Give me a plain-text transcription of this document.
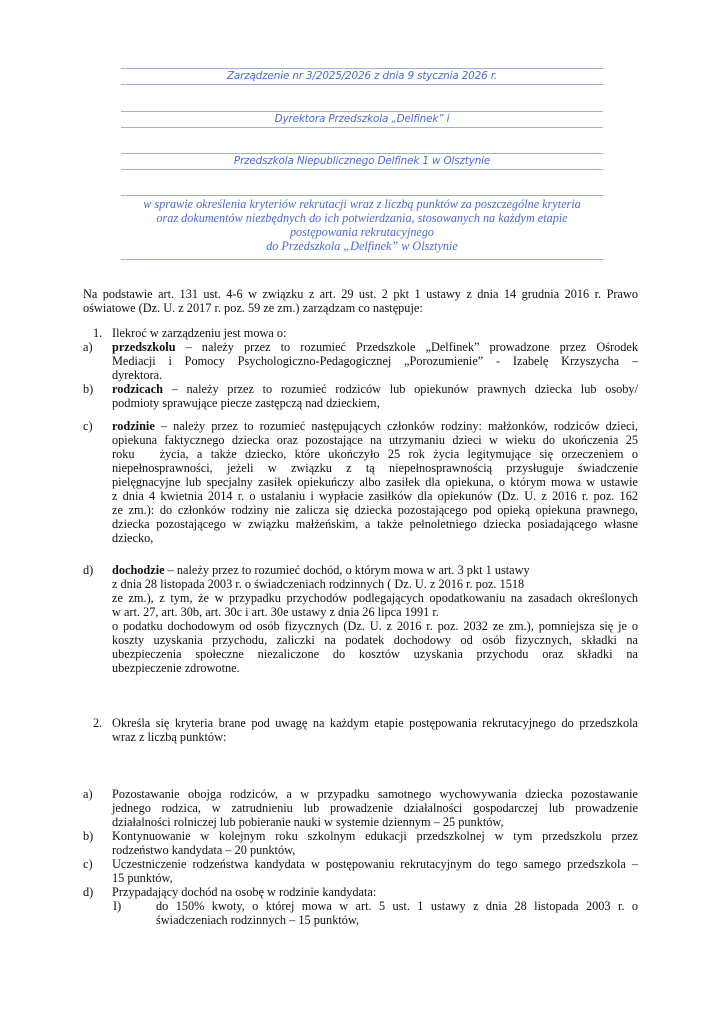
Zarządzenie nr 3/2025/2026 z dnia 9 stycznia 2026 r.
Dyrektora Przedszkola „Delfinek” i
Przedszkola Niepublicznego Delfinek 1 w Olsztynie
w sprawie określenia kryteriów rekrutacji wraz z liczbą punktów za poszczególne kryteria
oraz dokumentów niezbędnych do ich potwierdzania, stosowanych na każdym etapie
postępowania rekrutacyjnego
do Przedszkola „Delfinek” w Olsztynie
Na podstawie art. 131 ust. 4-6 w związku z art. 29 ust. 2 pkt 1 ustawy z dnia 14 grudnia 2016 r. Prawo
oświatowe (Dz. U. z 2017 r. poz. 59 ze zm.) zarządzam co następuje:
1. Ilekroć w zarządzeniu jest mowa o:
a) przedszkolu – należy przez to rozumieć Przedszkole „Delfinek” prowadzone przez Ośrodek
Mediacji i Pomocy Psychologiczno-Pedagogicznej „Porozumienie” - Izabelę Krzyszycha –
dyrektora.
b) rodzicach – należy przez to rozumieć rodziców lub opiekunów prawnych dziecka lub osoby/
podmioty sprawujące piecze zastępczą nad dzieckiem,
c) rodzinie – należy przez to rozumieć następujących członków rodziny: małżonków, rodziców dzieci,
opiekuna faktycznego dziecka oraz pozostające na utrzymaniu dzieci w wieku do ukończenia 25
roku   życia, a także dziecko, które ukończyło 25 rok życia legitymujące się orzeczeniem o
niepełnosprawności, jeżeli w związku z tą niepełnosprawnością przysługuje świadczenie
pielęgnacyjne lub specjalny zasiłek opiekuńczy albo zasiłek dla opiekuna, o którym mowa w ustawie
z dnia 4 kwietnia 2014 r. o ustalaniu i wypłacie zasiłków dla opiekunów (Dz. U. z 2016 r. poz. 162
ze zm.): do członków rodziny nie zalicza się dziecka pozostającego pod opieką opiekuna prawnego,
dziecka pozostającego w związku małżeńskim, a także pełnoletniego dziecka posiadającego własne
dziecko,
d) dochodzie – należy przez to rozumieć dochód, o którym mowa w art. 3 pkt 1 ustawy
z dnia 28 listopada 2003 r. o świadczeniach rodzinnych ( Dz. U. z 2016 r. poz. 1518
ze zm.), z tym, że w przypadku przychodów podlegających opodatkowaniu na zasadach określonych
w art. 27, art. 30b, art. 30c i art. 30e ustawy z dnia 26 lipca 1991 r.
o podatku dochodowym od osób fizycznych (Dz. U. z 2016 r. poz. 2032 ze zm.), pomniejsza się je o
koszty uzyskania przychodu, zaliczki na podatek dochodowy od osób fizycznych, składki na
ubezpieczenia społeczne niezaliczone do kosztów uzyskania przychodu oraz składki na
ubezpieczenie zdrowotne.
2. Określa się kryteria brane pod uwagę na każdym etapie postępowania rekrutacyjnego do przedszkola
wraz z liczbą punktów:
a) Pozostawanie obojga rodziców, a w przypadku samotnego wychowywania dziecka pozostawanie
jednego rodzica, w zatrudnieniu lub prowadzenie działalności gospodarczej lub prowadzenie
działalności rolniczej lub pobieranie nauki w systemie dziennym – 25 punktów,
b) Kontynuowanie w kolejnym roku szkolnym edukacji przedszkolnej w tym przedszkolu przez
rodzeństwo kandydata – 20 punktów,
c) Uczestniczenie rodzeństwa kandydata w postępowaniu rekrutacyjnym do tego samego przedszkola –
15 punktów,
d) Przypadający dochód na osobę w rodzinie kandydata:
I)	do 150% kwoty, o której mowa w art. 5 ust. 1 ustawy z dnia 28 listopada 2003 r. o
świadczeniach rodzinnych – 15 punktów,
